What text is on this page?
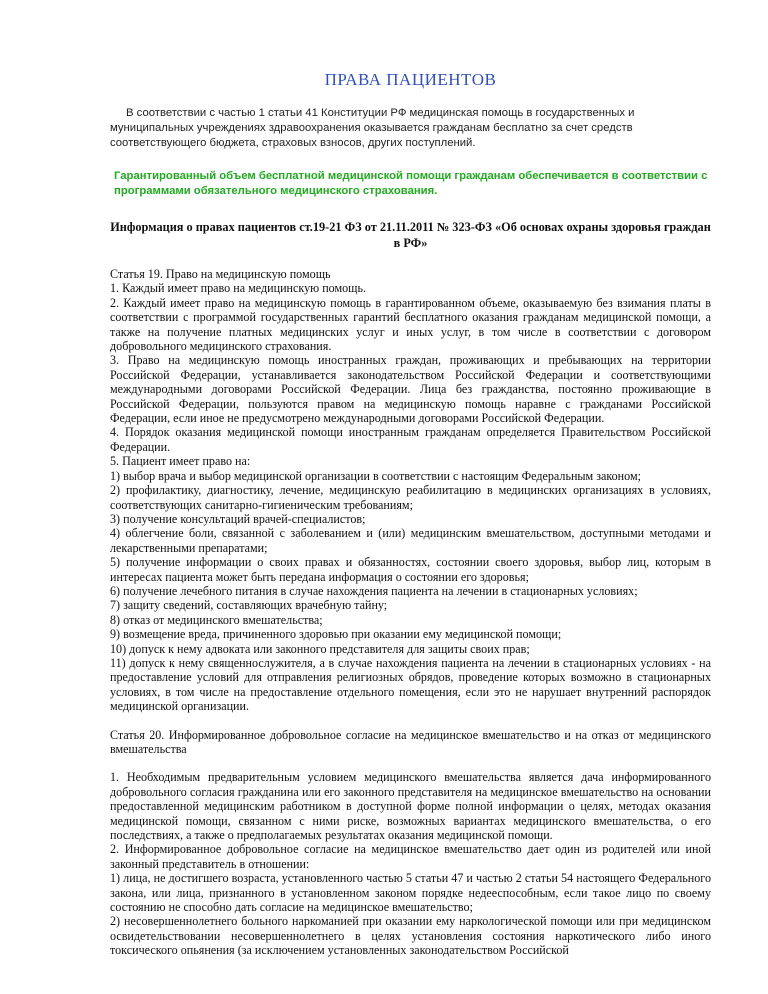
ПРАВА ПАЦИЕНТОВ

В соответствии с частью 1 статьи 41 Конституции РФ медицинская помощь в государственных и муниципальных учреждениях здравоохранения оказывается гражданам бесплатно за счет средств соответствующего бюджета, страховых взносов, других поступлений.

Гарантированный объем бесплатной медицинской помощи гражданам обеспечивается в соответствии с программами обязательного медицинского страхования.

Информация о правах пациентов ст.19-21 ФЗ от 21.11.2011 № 323-ФЗ «Об основах охраны здоровья граждан в РФ»

Статья 19. Право на медицинскую помощь

1. Каждый имеет право на медицинскую помощь.

2. Каждый имеет право на медицинскую помощь в гарантированном объеме, оказываемую без взимания платы в соответствии с программой государственных гарантий бесплатного оказания гражданам медицинской помощи, а также на получение платных медицинских услуг и иных услуг, в том числе в соответствии с договором добровольного медицинского страхования.

3. Право на медицинскую помощь иностранных граждан, проживающих и пребывающих на территории Российской Федерации, устанавливается законодательством Российской Федерации и соответствующими международными договорами Российской Федерации. Лица без гражданства, постоянно проживающие в Российской Федерации, пользуются правом на медицинскую помощь наравне с гражданами Российской Федерации, если иное не предусмотрено международными договорами Российской Федерации.

4. Порядок оказания медицинской помощи иностранным гражданам определяется Правительством Российской Федерации.

5. Пациент имеет право на:

1) выбор врача и выбор медицинской организации в соответствии с настоящим Федеральным законом;

2) профилактику, диагностику, лечение, медицинскую реабилитацию в медицинских организациях в условиях, соответствующих санитарно-гигиеническим требованиям;

3) получение консультаций врачей-специалистов;

4) облегчение боли, связанной с заболеванием и (или) медицинским вмешательством, доступными методами и лекарственными препаратами;

5) получение информации о своих правах и обязанностях, состоянии своего здоровья, выбор лиц, которым в интересах пациента может быть передана информация о состоянии его здоровья;

6) получение лечебного питания в случае нахождения пациента на лечении в стационарных условиях;

7) защиту сведений, составляющих врачебную тайну;

8) отказ от медицинского вмешательства;

9) возмещение вреда, причиненного здоровью при оказании ему медицинской помощи;

10) допуск к нему адвоката или законного представителя для защиты своих прав;

11) допуск к нему священнослужителя, а в случае нахождения пациента на лечении в стационарных условиях - на предоставление условий для отправления религиозных обрядов, проведение которых возможно в стационарных условиях, в том числе на предоставление отдельного помещения, если это не нарушает внутренний распорядок медицинской организации.

Статья 20. Информированное добровольное согласие на медицинское вмешательство и на отказ от медицинского вмешательства

1. Необходимым предварительным условием медицинского вмешательства является дача информированного добровольного согласия гражданина или его законного представителя на медицинское вмешательство на основании предоставленной медицинским работником в доступной форме полной информации о целях, методах оказания медицинской помощи, связанном с ними риске, возможных вариантах медицинского вмешательства, о его последствиях, а также о предполагаемых результатах оказания медицинской помощи.

2. Информированное добровольное согласие на медицинское вмешательство дает один из родителей или иной законный представитель в отношении:

1) лица, не достигшего возраста, установленного частью 5 статьи 47 и частью 2 статьи 54 настоящего Федерального закона, или лица, признанного в установленном законом порядке недееспособным, если такое лицо по своему состоянию не способно дать согласие на медицинское вмешательство;

2) несовершеннолетнего больного наркоманией при оказании ему наркологической помощи или при медицинском освидетельствовании несовершеннолетнего в целях установления состояния наркотического либо иного токсического опьянения (за исключением установленных законодательством Российской
